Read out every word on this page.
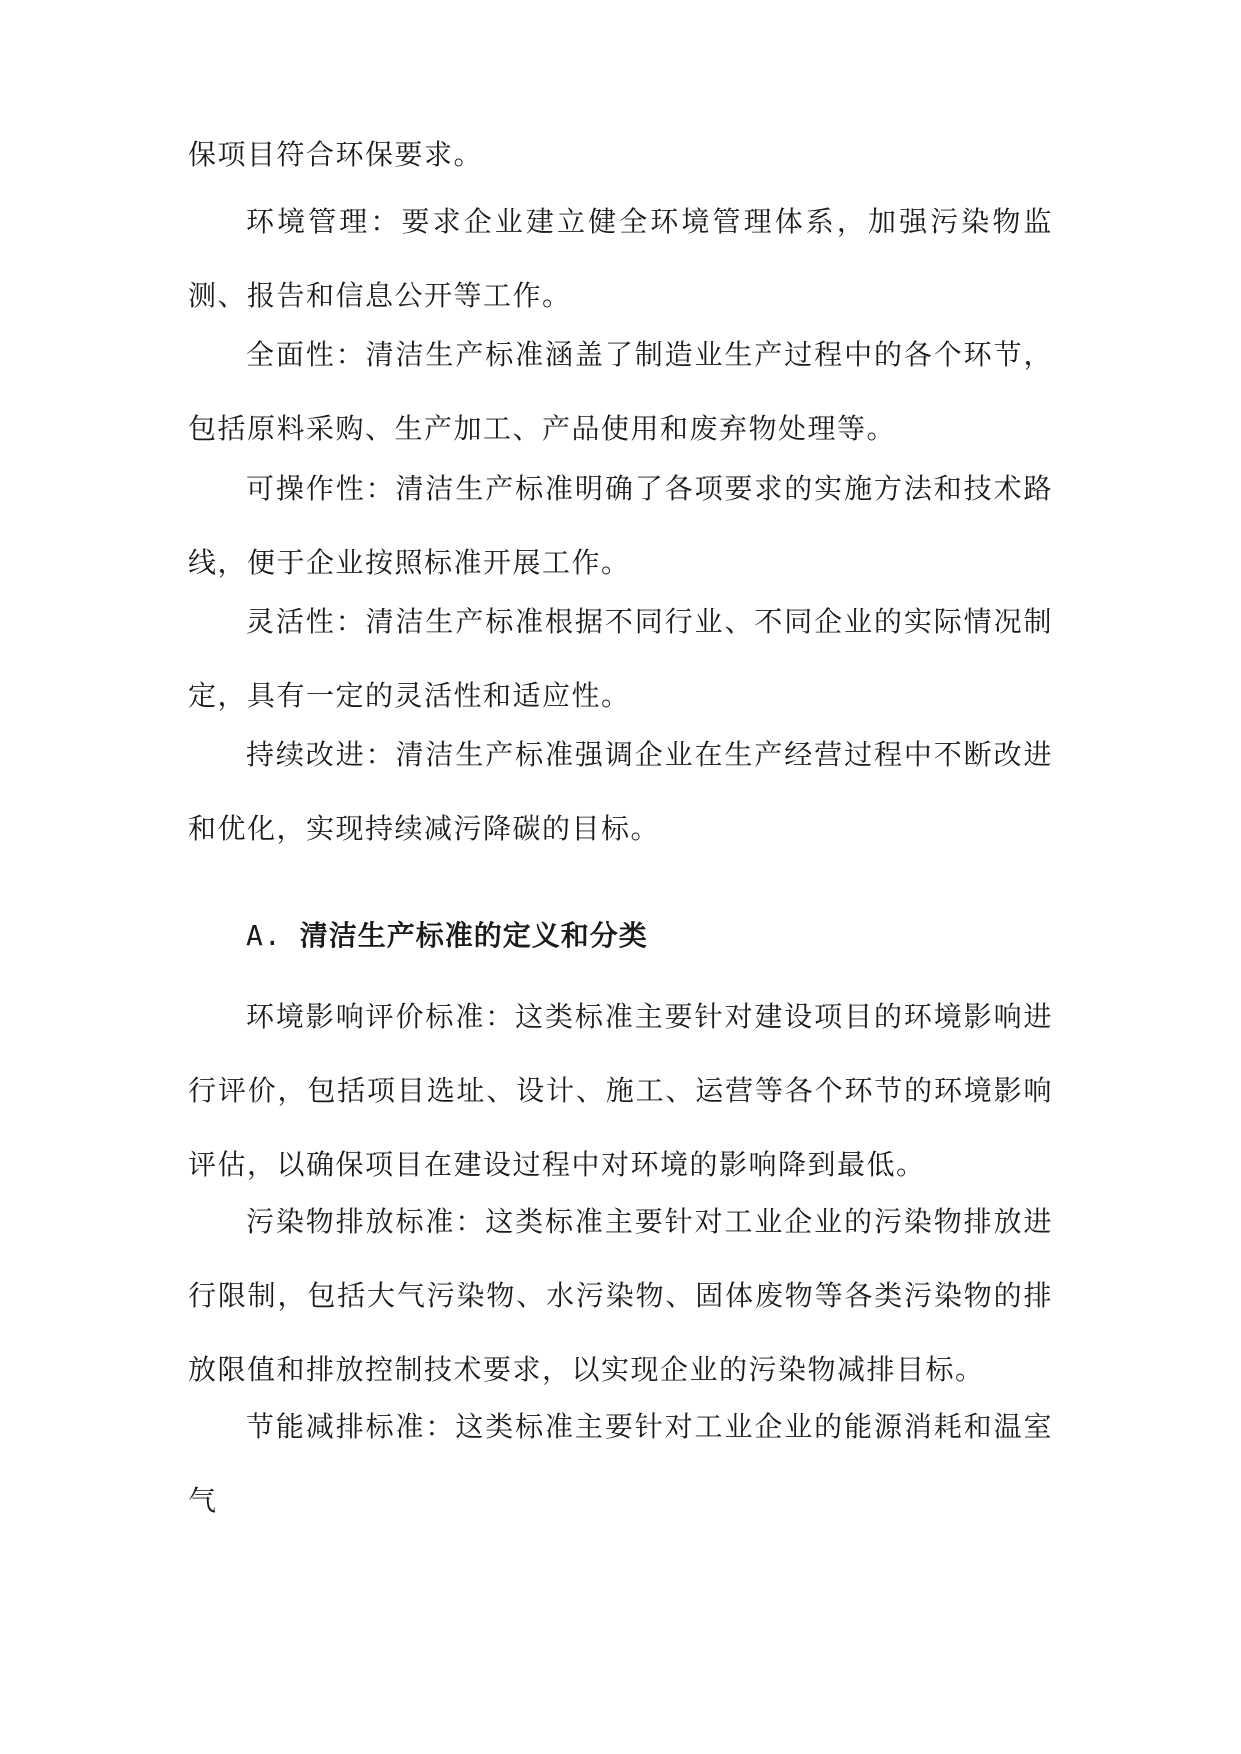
保项目符合环保要求。

环境管理：要求企业建立健全环境管理体系，加强污染物监测、报告和信息公开等工作。

全面性：清洁生产标准涵盖了制造业生产过程中的各个环节，包括原料采购、生产加工、产品使用和废弃物处理等。

可操作性：清洁生产标准明确了各项要求的实施方法和技术路线，便于企业按照标准开展工作。

灵活性：清洁生产标准根据不同行业、不同企业的实际情况制定，具有一定的灵活性和适应性。

持续改进：清洁生产标准强调企业在生产经营过程中不断改进和优化，实现持续减污降碳的目标。

A. 清洁生产标准的定义和分类

环境影响评价标准：这类标准主要针对建设项目的环境影响进行评价，包括项目选址、设计、施工、运营等各个环节的环境影响评估，以确保项目在建设过程中对环境的影响降到最低。

污染物排放标准：这类标准主要针对工业企业的污染物排放进行限制，包括大气污染物、水污染物、固体废物等各类污染物的排放限值和排放控制技术要求，以实现企业的污染物减排目标。

节能减排标准：这类标准主要针对工业企业的能源消耗和温室气
